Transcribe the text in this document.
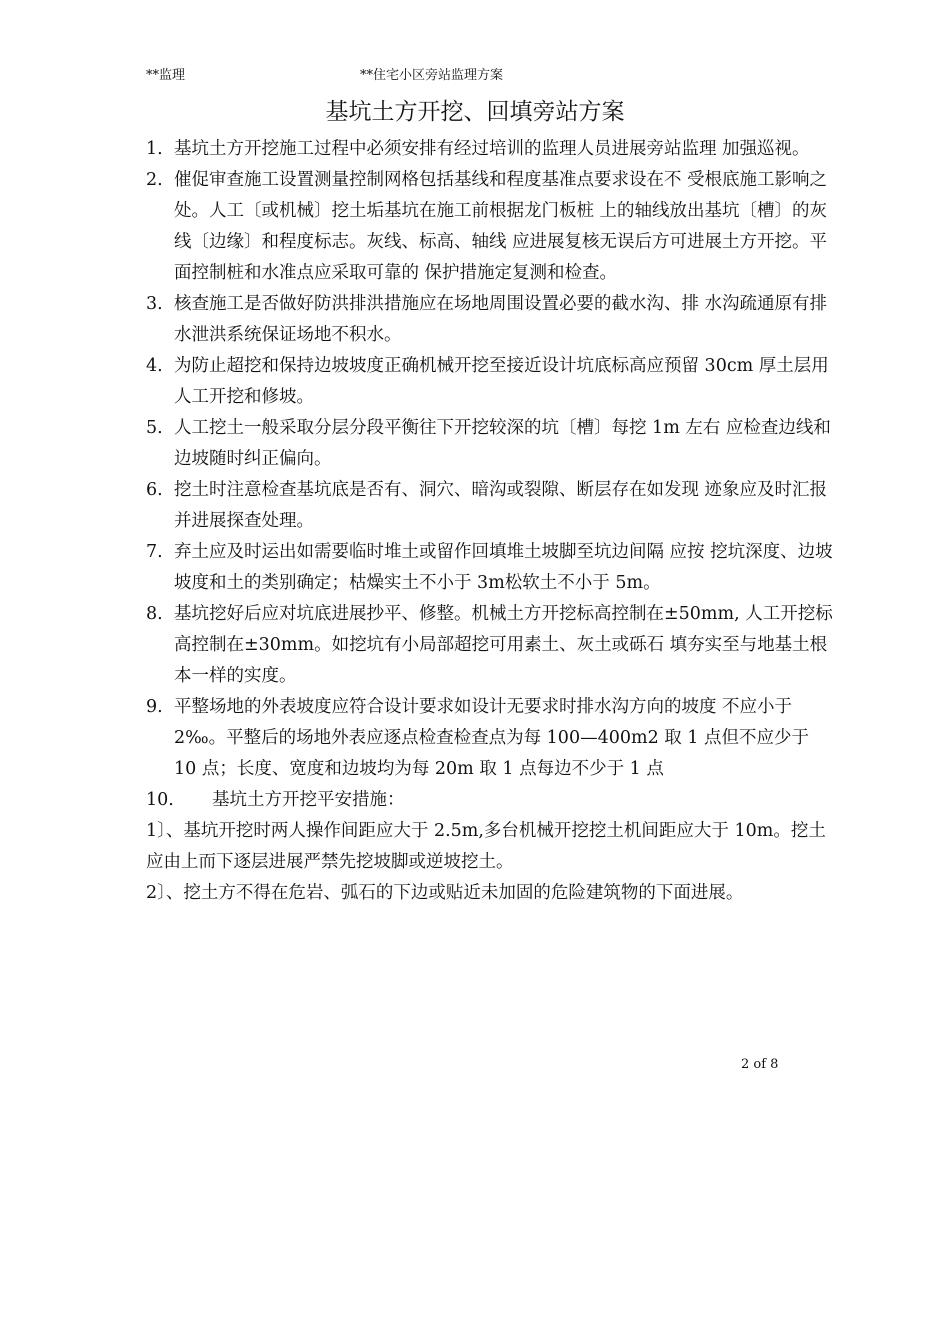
**监理	**住宅小区旁站监理方案
基坑土方开挖、回填旁站方案
1. 基坑土方开挖施工过程中必须安排有经过培训的监理人员进展旁站监理 加强巡视。
2. 催促审查施工设置测量控制网格包括基线和程度基准点要求设在不 受根底施工影响之处。人工〔或机械〕挖土垢基坑在施工前根据龙门板桩 上的轴线放出基坑〔槽〕的灰线〔边缘〕和程度标志。灰线、标高、轴线 应进展复核无误后方可进展土方开挖。平面控制桩和水准点应采取可靠的 保护措施定复测和检查。
3. 核查施工是否做好防洪排洪措施应在场地周围设置必要的截水沟、排 水沟疏通原有排水泄洪系统保证场地不积水。
4. 为防止超挖和保持边坡坡度正确机械开挖至接近设计坑底标高应预留 30cm 厚土层用人工开挖和修坡。
5. 人工挖土一般采取分层分段平衡往下开挖较深的坑〔槽〕每挖 1m 左右 应检查边线和边坡随时纠正偏向。
6. 挖土时注意检查基坑底是否有、洞穴、暗沟或裂隙、断层存在如发现 迹象应及时汇报并进展探查处理。
7. 弃土应及时运出如需要临时堆土或留作回填堆土坡脚至坑边间隔 应按 挖坑深度、边坡坡度和土的类别确定；枯燥实土不小于 3m松软土不小于 5m。
8. 基坑挖好后应对坑底进展抄平、修整。机械土方开挖标高控制在±50mm, 人工开挖标高控制在±30mm。如挖坑有小局部超挖可用素土、灰土或砾石 填夯实至与地基土根本一样的实度。
9. 平整场地的外表坡度应符合设计要求如设计无要求时排水沟方向的坡度 不应小于 2‰。平整后的场地外表应逐点检查检查点为每 100—400m2 取 1 点但不应少于 10 点；长度、宽度和边坡均为每 20m 取 1 点每边不少于 1 点
10.	基坑土方开挖平安措施：
1〕、基坑开挖时两人操作间距应大于 2.5m,多台机械开挖挖土机间距应大于 10m。挖土应由上而下逐层进展严禁先挖坡脚或逆坡挖土。
2〕、挖土方不得在危岩、弧石的下边或贴近未加固的危险建筑物的下面进展。
2 of 8
